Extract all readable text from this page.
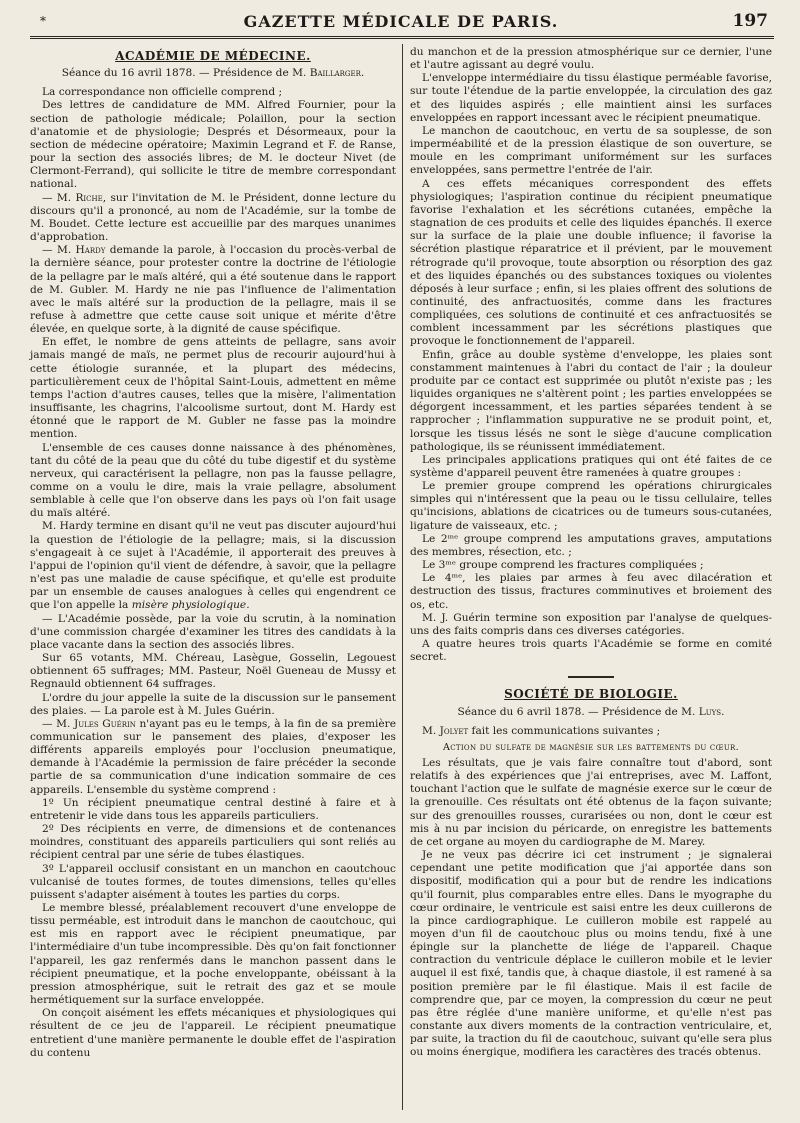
*	GAZETTE MÉDICALE DE PARIS.	197
ACADÉMIE DE MÉDECINE.

Séance du 16 avril 1878. — Présidence de M. Baillarger.

La correspondance non officielle comprend ;

Des lettres de candidature de MM. Alfred Fournier, pour la section de pathologie médicale; Polaillon, pour la section d'anatomie et de physiologie; Després et Désormeaux, pour la section de médecine opératoire; Maximin Legrand et F. de Ranse, pour la section des associés libres; de M. le docteur Nivet (de Clermont-Ferrand), qui sollicite le titre de membre correspondant national.

— M. Riche, sur l'invitation de M. le Président, donne lecture du discours qu'il a prononcé, au nom de l'Académie, sur la tombe de M. Boudet. Cette lecture est accueillie par des marques unanimes d'approbation.

— M. Hardy demande la parole, à l'occasion du procès-verbal de la dernière séance, pour protester contre la doctrine de l'étiologie de la pellagre par le maïs altéré, qui a été soutenue dans le rapport de M. Gubler. M. Hardy ne nie pas l'influence de l'alimentation avec le maïs altéré sur la production de la pellagre, mais il se refuse à admettre que cette cause soit unique et mérite d'être élevée, en quelque sorte, à la dignité de cause spécifique.

En effet, le nombre de gens atteints de pellagre, sans avoir jamais mangé de maïs, ne permet plus de recourir aujourd'hui à cette étiologie surannée, et la plupart des médecins, particulièrement ceux de l'hôpital Saint-Louis, admettent en même temps l'action d'autres causes, telles que la misère, l'alimentation insuffisante, les chagrins, l'alcoolisme surtout, dont M. Hardy est étonné que le rapport de M. Gubler ne fasse pas la moindre mention.

L'ensemble de ces causes donne naissance à des phénomènes, tant du côté de la peau que du côté du tube digestif et du système nerveux, qui caractérisent la pellagre, non pas la fausse pellagre, comme on a voulu le dire, mais la vraie pellagre, absolument semblable à celle que l'on observe dans les pays où l'on fait usage du maïs altéré.

M. Hardy termine en disant qu'il ne veut pas discuter aujourd'hui la question de l'étiologie de la pellagre; mais, si la discussion s'engageait à ce sujet à l'Académie, il apporterait des preuves à l'appui de l'opinion qu'il vient de défendre, à savoir, que la pellagre n'est pas une maladie de cause spécifique, et qu'elle est produite par un ensemble de causes analogues à celles qui engendrent ce que l'on appelle la misère physiologique.

— L'Académie possède, par la voie du scrutin, à la nomination d'une commission chargée d'examiner les titres des candidats à la place vacante dans la section des associés libres.

Sur 65 votants, MM. Chéreau, Lasègue, Gosselin, Legouest obtiennent 65 suffrages; MM. Pasteur, Noël Gueneau de Mussy et Regnauld obtiennent 64 suffrages.

L'ordre du jour appelle la suite de la discussion sur le pansement des plaies. — La parole est à M. Jules Guérin.

— M. Jules Guérin n'ayant pas eu le temps, à la fin de sa première communication sur le pansement des plaies, d'exposer les différents appareils employés pour l'occlusion pneumatique, demande à l'Académie la permission de faire précéder la seconde partie de sa communication d'une indication sommaire de ces appareils. L'ensemble du système comprend :

1º Un récipient pneumatique central destiné à faire et à entretenir le vide dans tous les appareils particuliers.

2º Des récipients en verre, de dimensions et de contenances moindres, constituant des appareils particuliers qui sont reliés au récipient central par une série de tubes élastiques.

3º L'appareil occlusif consistant en un manchon en caoutchouc vulcanisé de toutes formes, de toutes dimensions, telles qu'elles puissent s'adapter aisément à toutes les parties du corps.

Le membre blessé, préalablement recouvert d'une enveloppe de tissu perméable, est introduit dans le manchon de caoutchouc, qui est mis en rapport avec le récipient pneumatique, par l'intermédiaire d'un tube incompressible. Dès qu'on fait fonctionner l'appareil, les gaz renfermés dans le manchon passent dans le récipient pneumatique, et la poche enveloppante, obéissant à la pression atmosphérique, suit le retrait des gaz et se moule hermétiquement sur la surface enveloppée.

On conçoit aisément les effets mécaniques et physiologiques qui résultent de ce jeu de l'appareil. Le récipient pneumatique entretient d'une manière permanente le double effet de l'aspiration du contenu

du manchon et de la pression atmosphérique sur ce dernier, l'une et l'autre agissant au degré voulu.

L'enveloppe intermédiaire du tissu élastique perméable favorise, sur toute l'étendue de la partie enveloppée, la circulation des gaz et des liquides aspirés ; elle maintient ainsi les surfaces enveloppées en rapport incessant avec le récipient pneumatique.

Le manchon de caoutchouc, en vertu de sa souplesse, de son imperméabilité et de la pression élastique de son ouverture, se moule en les comprimant uniformément sur les surfaces enveloppées, sans permettre l'entrée de l'air.

A ces effets mécaniques correspondent des effets physiologiques; l'aspiration continue du récipient pneumatique favorise l'exhalation et les sécrétions cutanées, empêche la stagnation de ces produits et celle des liquides épanchés. Il exerce sur la surface de la plaie une double influence; il favorise la sécrétion plastique réparatrice et il prévient, par le mouvement rétrograde qu'il provoque, toute absorption ou résorption des gaz et des liquides épanchés ou des substances toxiques ou violentes déposés à leur surface ; enfin, si les plaies offrent des solutions de continuité, des anfractuosités, comme dans les fractures compliquées, ces solutions de continuité et ces anfractuosités se comblent incessamment par les sécrétions plastiques que provoque le fonctionnement de l'appareil.

Enfin, grâce au double système d'enveloppe, les plaies sont constamment maintenues à l'abri du contact de l'air ; la douleur produite par ce contact est supprimée ou plutôt n'existe pas ; les liquides organiques ne s'altèrent point ; les parties enveloppées se dégorgent incessamment, et les parties séparées tendent à se rapprocher ; l'inflammation suppurative ne se produit point, et, lorsque les tissus lésés ne sont le siège d'aucune complication pathologique, ils se réunissent immédiatement.

Les principales applications pratiques qui ont été faites de ce système d'appareil peuvent être ramenées à quatre groupes :

Le premier groupe comprend les opérations chirurgicales simples qui n'intéressent que la peau ou le tissu cellulaire, telles qu'incisions, ablations de cicatrices ou de tumeurs sous-cutanées, ligature de vaisseaux, etc. ;

Le 2ᵐᵉ groupe comprend les amputations graves, amputations des membres, résection, etc. ;

Le 3ᵐᵉ groupe comprend les fractures compliquées ;

Le 4ᵐᵉ, les plaies par armes à feu avec dilacération et destruction des tissus, fractures comminutives et broiement des os, etc.

M. J. Guérin termine son exposition par l'analyse de quelques-uns des faits compris dans ces diverses catégories.

A quatre heures trois quarts l'Académie se forme en comité secret.

SOCIÉTÉ DE BIOLOGIE.

Séance du 6 avril 1878. — Présidence de M. Luys.

M. Jolyet fait les communications suivantes ;

Action du sulfate de magnésie sur les battements du cœur.

Les résultats, que je vais faire connaître tout d'abord, sont relatifs à des expériences que j'ai entreprises, avec M. Laffont, touchant l'action que le sulfate de magnésie exerce sur le cœur de la grenouille. Ces résultats ont été obtenus de la façon suivante; sur des grenouilles rousses, curarisées ou non, dont le cœur est mis à nu par incision du péricarde, on enregistre les battements de cet organe au moyen du cardiographe de M. Marey.

Je ne veux pas décrire ici cet instrument ; je signalerai cependant une petite modification que j'ai apportée dans son dispositif, modification qui a pour but de rendre les indications qu'il fournit, plus comparables entre elles. Dans le myographe du cœur ordinaire, le ventricule est saisi entre les deux cuillerons de la pince cardiographique. Le cuilleron mobile est rappelé au moyen d'un fil de caoutchouc plus ou moins tendu, fixé à une épingle sur la planchette de liége de l'appareil. Chaque contraction du ventricule déplace le cuilleron mobile et le levier auquel il est fixé, tandis que, à chaque diastole, il est ramené à sa position première par le fil élastique. Mais il est facile de comprendre que, par ce moyen, la compression du cœur ne peut pas être réglée d'une manière uniforme, et qu'elle n'est pas constante aux divers moments de la contraction ventriculaire, et, par suite, la traction du fil de caoutchouc, suivant qu'elle sera plus ou moins énergique, modifiera les caractères des tracés obtenus.
